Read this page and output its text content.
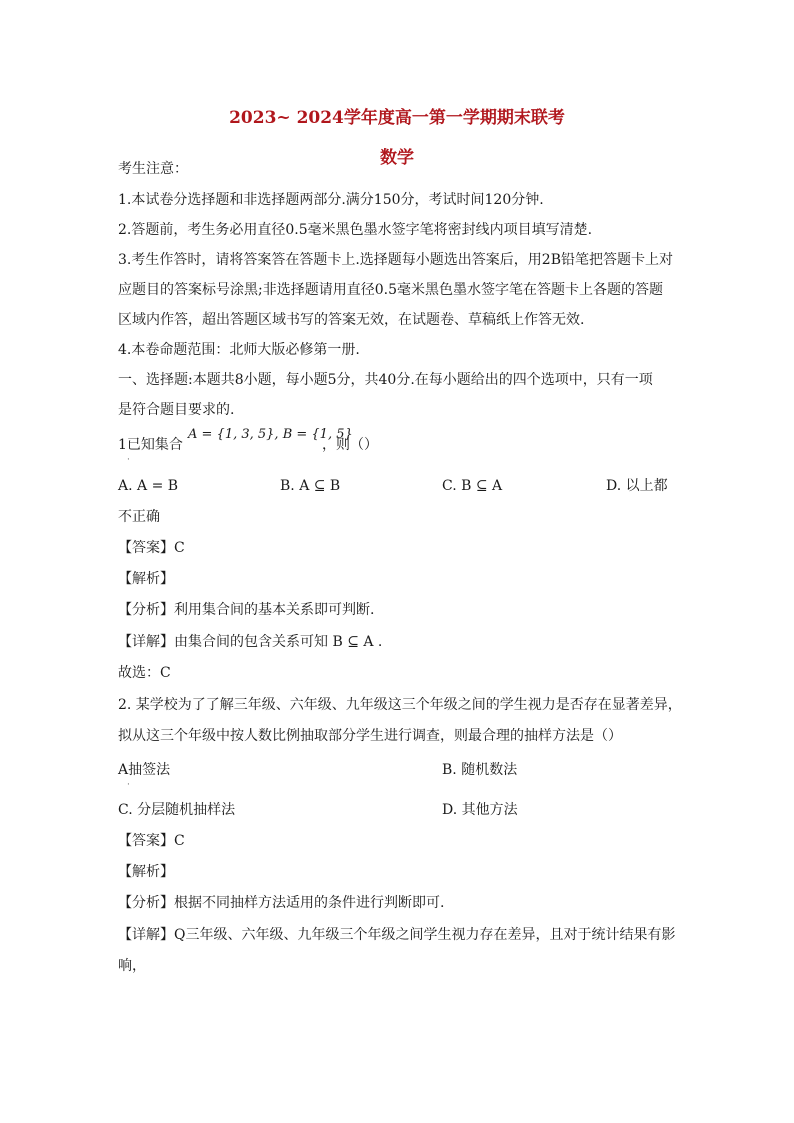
2023~ 2024学年度高一第一学期期末联考
数学
考生注意：
1.本试卷分选择题和非选择题两部分.满分150分，考试时间120分钟.
2.答题前，考生务必用直径0.5毫米黑色墨水签字笔将密封线内项目填写清楚.
3.考生作答时，请将答案答在答题卡上.选择题每小题选出答案后，用2B铅笔把答题卡上对
应题目的答案标号涂黑;非选择题请用直径0.5毫米黑色墨水签字笔在答题卡上各题的答题
区域内作答，超出答题区域书写的答案无效，在试题卷、草稿纸上作答无效.
4.本卷命题范围：北师大版必修第一册.
一、选择题:本题共8小题，每小题5分，共40分.在每小题给出的四个选项中，只有一项
是符合题目要求的.
1已知集合
A = {1, 3, 5}, B = {1, 5}
，则（）
·
A. A = B	B. A ⊆ B	C. B ⊆ A	D. 以上都
不正确
【答案】C
【解析】
【分析】利用集合间的基本关系即可判断.
【详解】由集合间的包含关系可知 B ⊆ A .
故选：C
2. 某学校为了了解三年级、六年级、九年级这三个年级之间的学生视力是否存在显著差异，
拟从这三个年级中按人数比例抽取部分学生进行调查，则最合理的抽样方法是（）
A抽签法
·
B. 随机数法
C. 分层随机抽样法	D. 其他方法
【答案】C
【解析】
【分析】根据不同抽样方法适用的条件进行判断即可.
【详解】Q三年级、六年级、九年级三个年级之间学生视力存在差异，且对于统计结果有影
响，
